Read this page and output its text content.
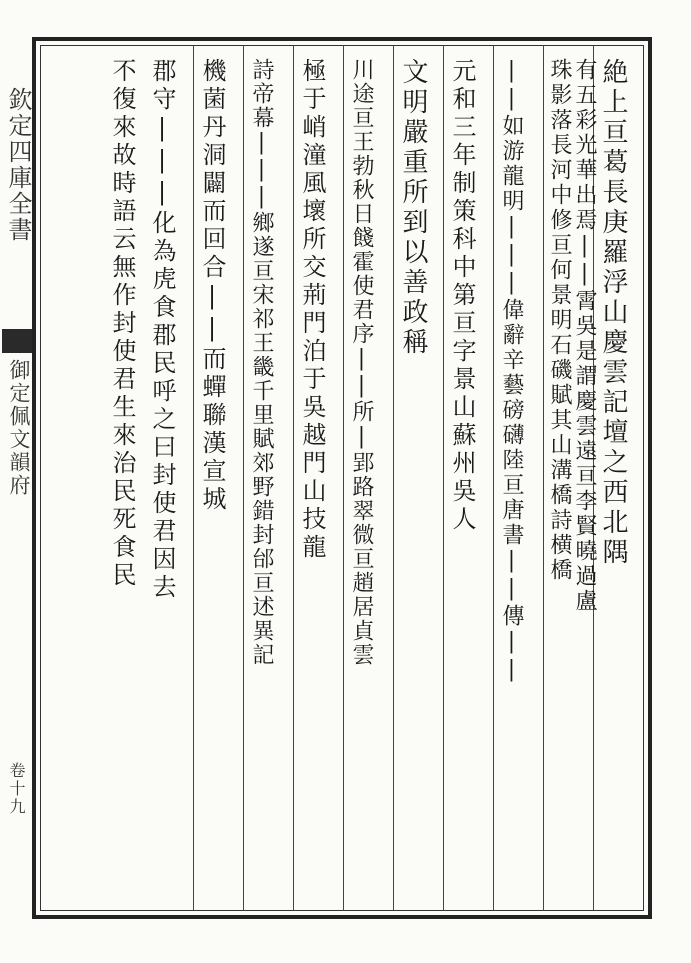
欽定四庫全書
御定佩文韻府
卷十九
絶上亘葛長庚羅浮山慶雲記壇之西北隅
有五彩光華出焉||霄吳是謂慶雲遠亘李賢曉過盧
珠影落長河中修亘何景明石磯賦其山溝橋詩横橋
||如游龍明|||偉辭辛藝磅礴陸亘唐書||傳||
元和三年制策科中第亘字景山蘇州吳人
文明嚴重所到以善政稱
川途亘王勃秋日餞霍使君序||所|郢路翠微亘趙居貞雲
極于峭潼風壞所交荊門泊于吳越門山技龍
詩帝幕|||鄉遂亘宋祁王畿千里賦郊野錯封邰亘述異記
機菌丹洞闢而回合||而蟬聯漢宣城
郡守|||化為虎食郡民呼之曰封使君因去
不復來故時語云無作封使君生來治民死食民
